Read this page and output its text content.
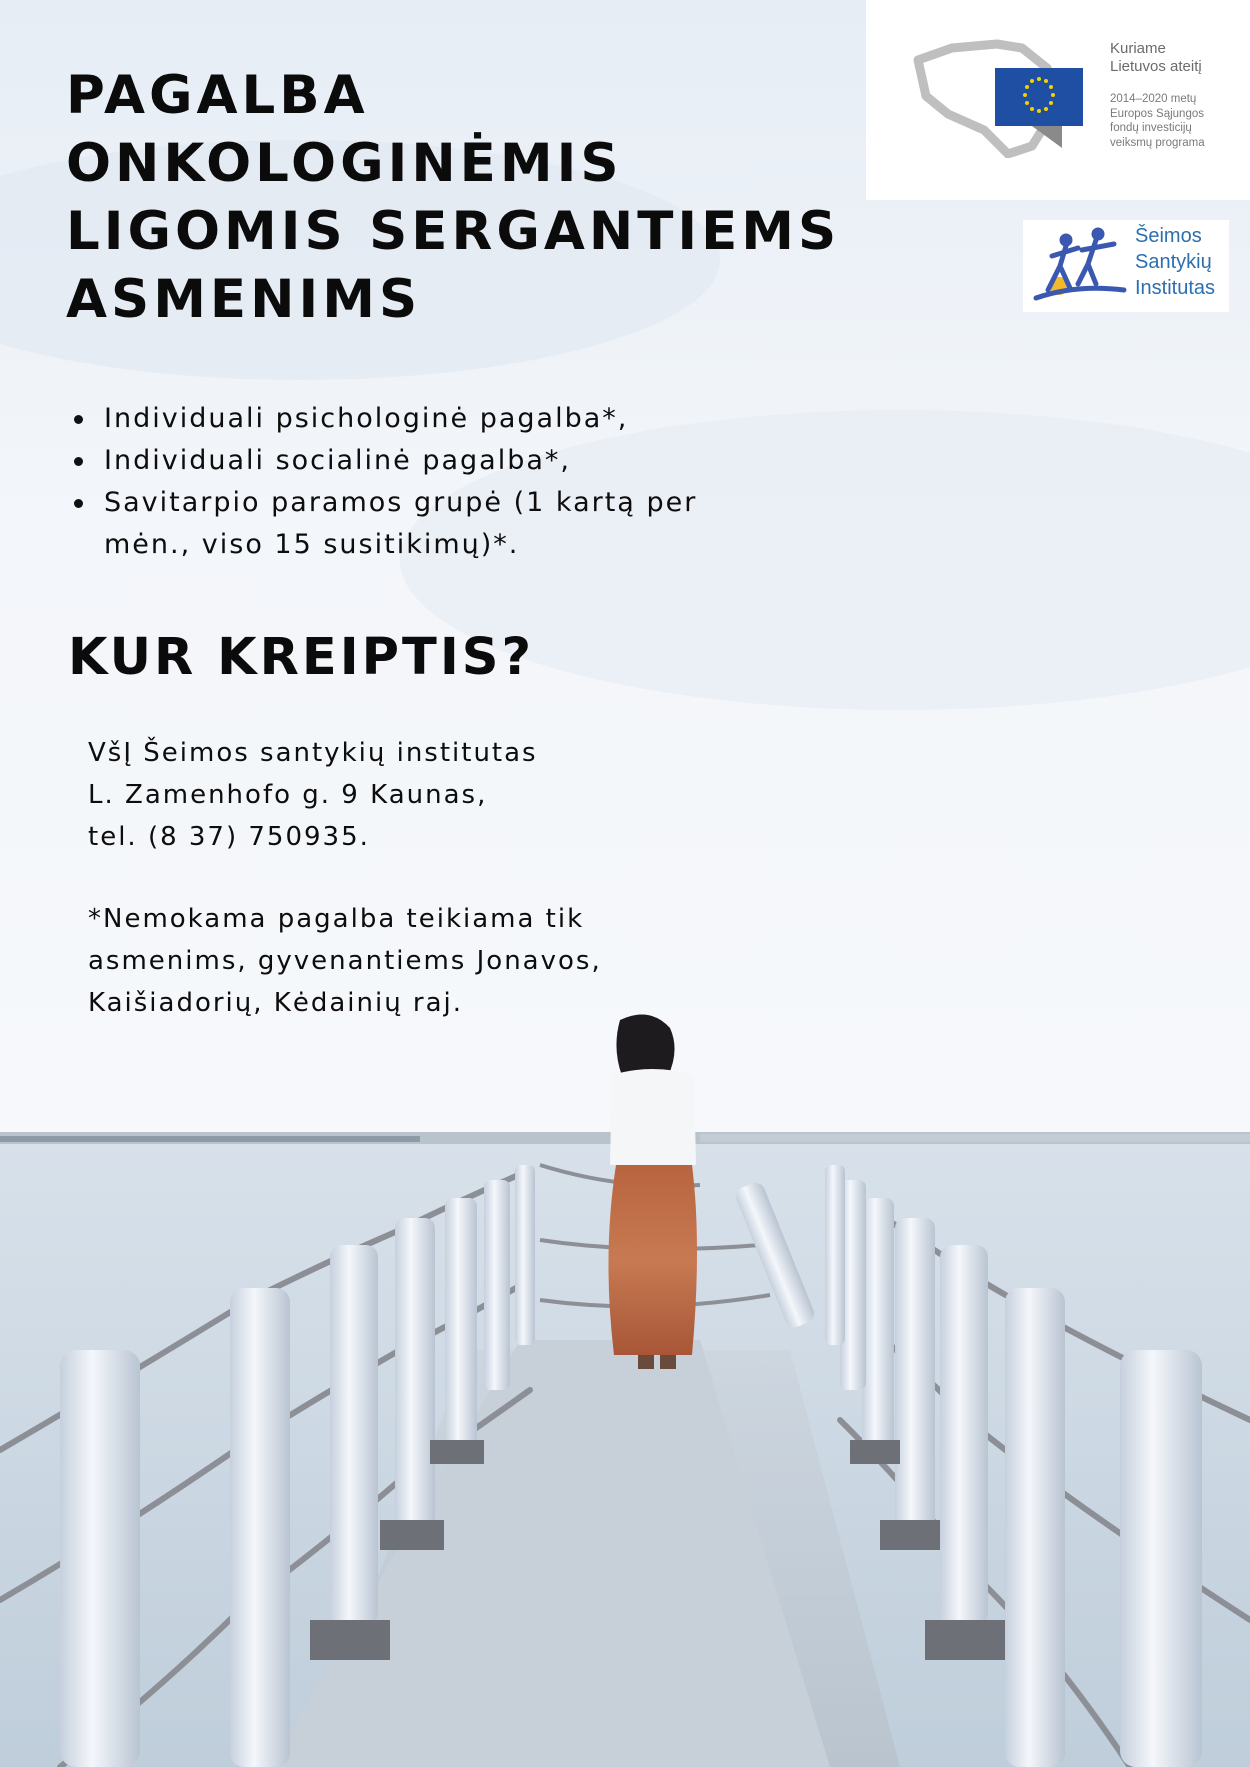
PAGALBA
ONKOLOGINĖMIS
LIGOMIS SERGANTIEMS
ASMENIMS
Individuali psichologinė pagalba*,
Individuali socialinė pagalba*,
Savitarpio paramos grupė (1 kartą per mėn., viso 15 susitikimų)*.
KUR KREIPTIS?
VšĮ Šeimos santykių institutas
L. Zamenhofo g. 9 Kaunas,
tel. (8 37) 750935.
*Nemokama pagalba teikiama tik
asmenims, gyvenantiems Jonavos,
Kaišiadorių, Kėdainių raj.
Kuriame
Lietuvos ateitį
2014–2020 metų
Europos Sąjungos
fondų investicijų
veiksmų programa
Šeimos
Santykių
Institutas
